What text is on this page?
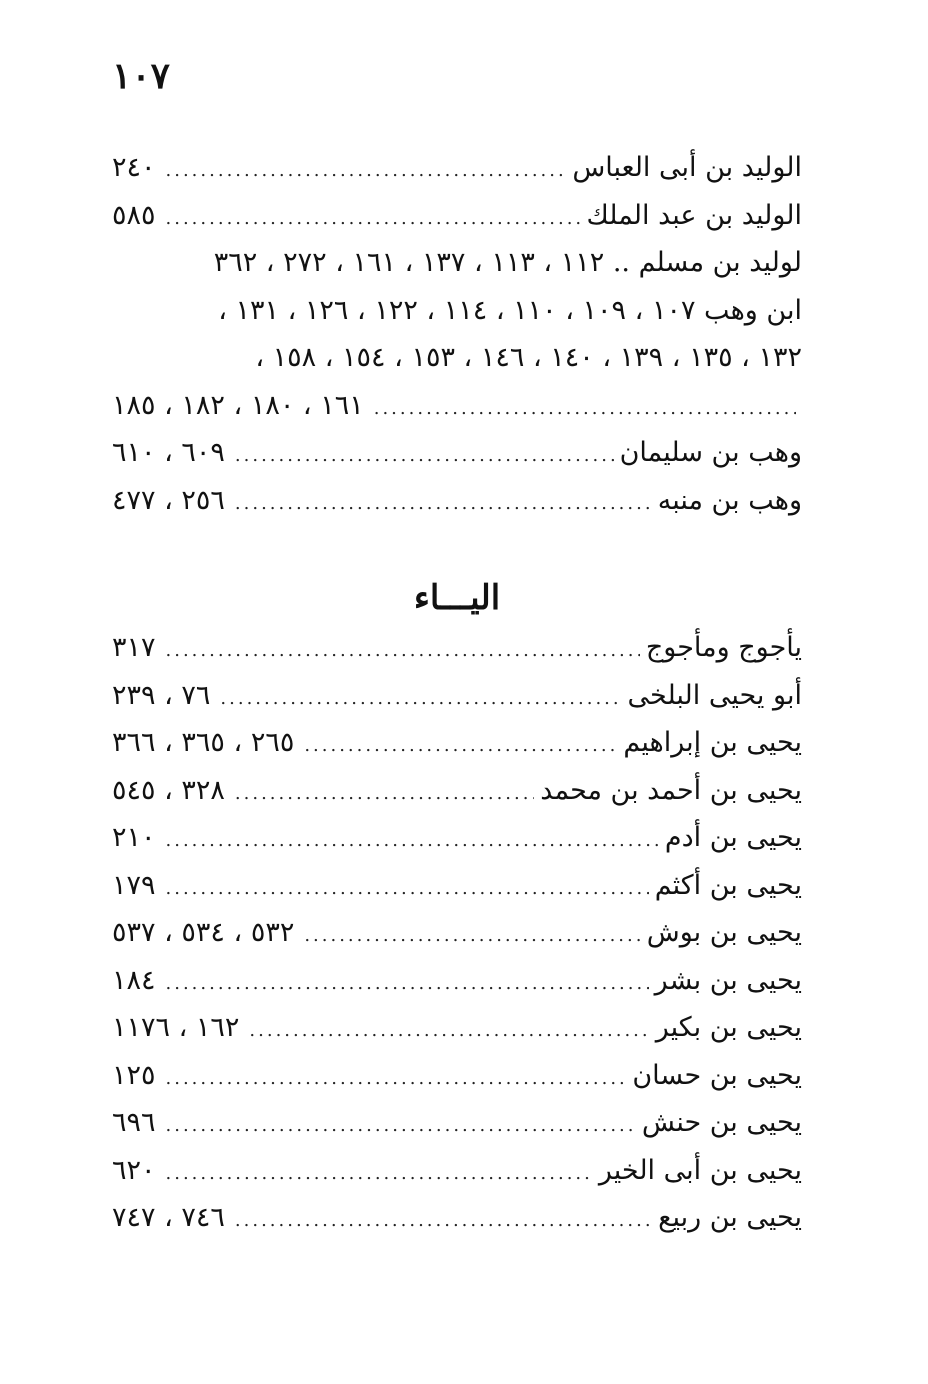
١٠٧
الوليد بن أبى العباس
.....
٢٤٠
الوليد بن عبد الملك
.....
٥٨٥
لوليد بن مسلم .. ١١٢ ، ١١٣ ، ١٣٧ ، ١٦١ ، ٢٧٢ ، ٣٦٢
ابن وهب ١٠٧ ، ١٠٩ ، ١١٠ ، ١١٤ ، ١٢٢ ، ١٢٦ ، ١٣١ ،
١٣٢ ، ١٣٥ ، ١٣٩ ، ١٤٠ ، ١٤٦ ، ١٥٣ ، ١٥٤ ، ١٥٨ ،
.....
١٦١ ، ١٨٠ ، ١٨٢ ، ١٨٥
وهب بن سليمان
.....
٦٠٩ ، ٦١٠
وهب بن منبه
.....
٢٥٦ ، ٤٧٧
اليـــاء
يأجوج ومأجوج
.....
٣١٧
أبو يحيى البلخى
.....
٧٦ ، ٢٣٩
يحيى بن إبراهيم
.....
٢٦٥ ، ٣٦٥ ، ٣٦٦
يحيى بن أحمد بن محمد
.....
٣٢٨ ، ٥٤٥
يحيى بن أدم
.....
٢١٠
يحيى بن أكثم
.....
١٧٩
يحيى بن بوش
.....
٥٣٢ ، ٥٣٤ ، ٥٣٧
يحيى بن بشر
.....
١٨٤
يحيى بن بكير
.....
١٦٢ ، ١١٧٦
يحيى بن حسان
.....
١٢٥
يحيى بن حنش
.....
٦٩٦
يحيى بن أبى الخير
.....
٦٢٠
يحيى بن ربيع
.....
٧٤٦ ، ٧٤٧
